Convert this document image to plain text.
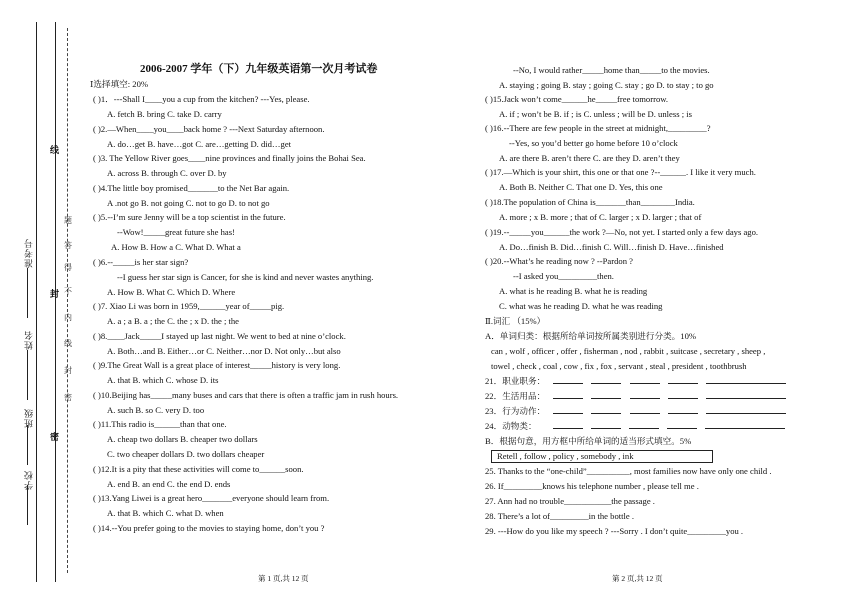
学校
班级
姓名
准考号
密
封
线
密
封
线
内
不
得
答
题
2006-2007 学年（下）九年级英语第一次月考试卷
Ⅰ选择填空: 20%
( )1．---Shall I____you a cup from the kitchen? ---Yes, please.
A. fetch B. bring C. take D. carry
( )2.—When____you____back home ? ---Next Saturday afternoon.
A. do…get B. have…got C. are…getting D. did…get
( )3. The Yellow River goes____nine provinces and finally joins the Bohai Sea.
A. across B. through C. over D. by
( )4.The little boy promised_______to the Net Bar again.
A .not go B. not going C. not to go D. to not go
( )5.--I’m sure Jenny will be a top scientist in the future.
--Wow!_____great future she has!
A. How B. How a C. What D. What a
( )6.--_____is her star sign?
--I guess her star sign is Cancer, for she is kind and never wastes anything.
A. How B. What C. Which D. Where
( )7. Xiao Li was born in 1959,______year of_____pig.
A. a ; a B. a ; the C. the ; x D. the ; the
( )8.____Jack_____I stayed up last night. We went to bed at nine o’clock.
A. Both…and B. Either…or C. Neither…nor D. Not only…but also
( )9.The Great Wall is a great place of interest_____history is very long.
A. that B. which C. whose D. its
( )10.Beijing has_____many buses and cars that there is often a traffic jam in rush hours.
A. such B. so C. very D. too
( )11.This radio is______than that one.
A. cheap two dollars B. cheaper two dollars
C. two cheaper dollars D. two dollars cheaper
( )12.It is a pity that these activities will come to______soon.
A. end B. an end C. the end D. ends
( )13.Yang Liwei is a great hero_______everyone should learn from.
A. that B. which C. what D. when
( )14.--You prefer going to the movies to staying home, don’t you ?
--No, I would rather_____home than_____to the movies.
A. staying ; going B. stay ; going C. stay ; go D. to stay ; to go
( )15.Jack won’t come______he_____free tomorrow.
A. if ; won’t be B. if ; is C. unless ; will be D. unless ; is
( )16.--There are few people in the street at midnight,_________?
--Yes, so you’d better go home before 10 o’clock
A. are there B. aren’t there C. are they D. aren’t they
( )17.—Which is your shirt, this one or that one ?--______. I like it very much.
A. Both B. Neither C. That one D. Yes, this one
( )18.The population of China is_______than________India.
A. more ; x B. more ; that of C. larger ; x D. larger ; that of
( )19.--_____you______the work ?—No, not yet. I started only a few days ago.
A. Do…finish B. Did…finish C. Will…finish D. Have…finished
( )20.--What’s he reading now ? --Pardon ?
--I asked you_________then.
A. what is he reading B. what he is reading
C. what was he reading D. what he was reading
Ⅱ.词汇 （15%）
A．单词归类：根据所给单词按所属类别进行分类。10%
can , wolf , officer , offer , fisherman , nod , rabbit , suitcase , secretary , sheep ,
towel , check , coal , cow , fix , fox , servant , steal , president , toothbrush
21．职业职务：
22．生活用品：
23．行为动作：
24．动物类：
B．根据句意，用方框中所给单词的适当形式填空。5%
Retell , follow , policy , somebody , ink
25. Thanks to the “one-child”__________, most families now have only one child .
26. If_________knows his telephone number , please tell me .
27. Ann had no trouble___________the passage .
28. There’s a lot of_________in the bottle .
29. ---How do you like my speech ? ---Sorry . I don’t quite_________you .
第 1 页,共 12 页	第 2 页,共 12 页
